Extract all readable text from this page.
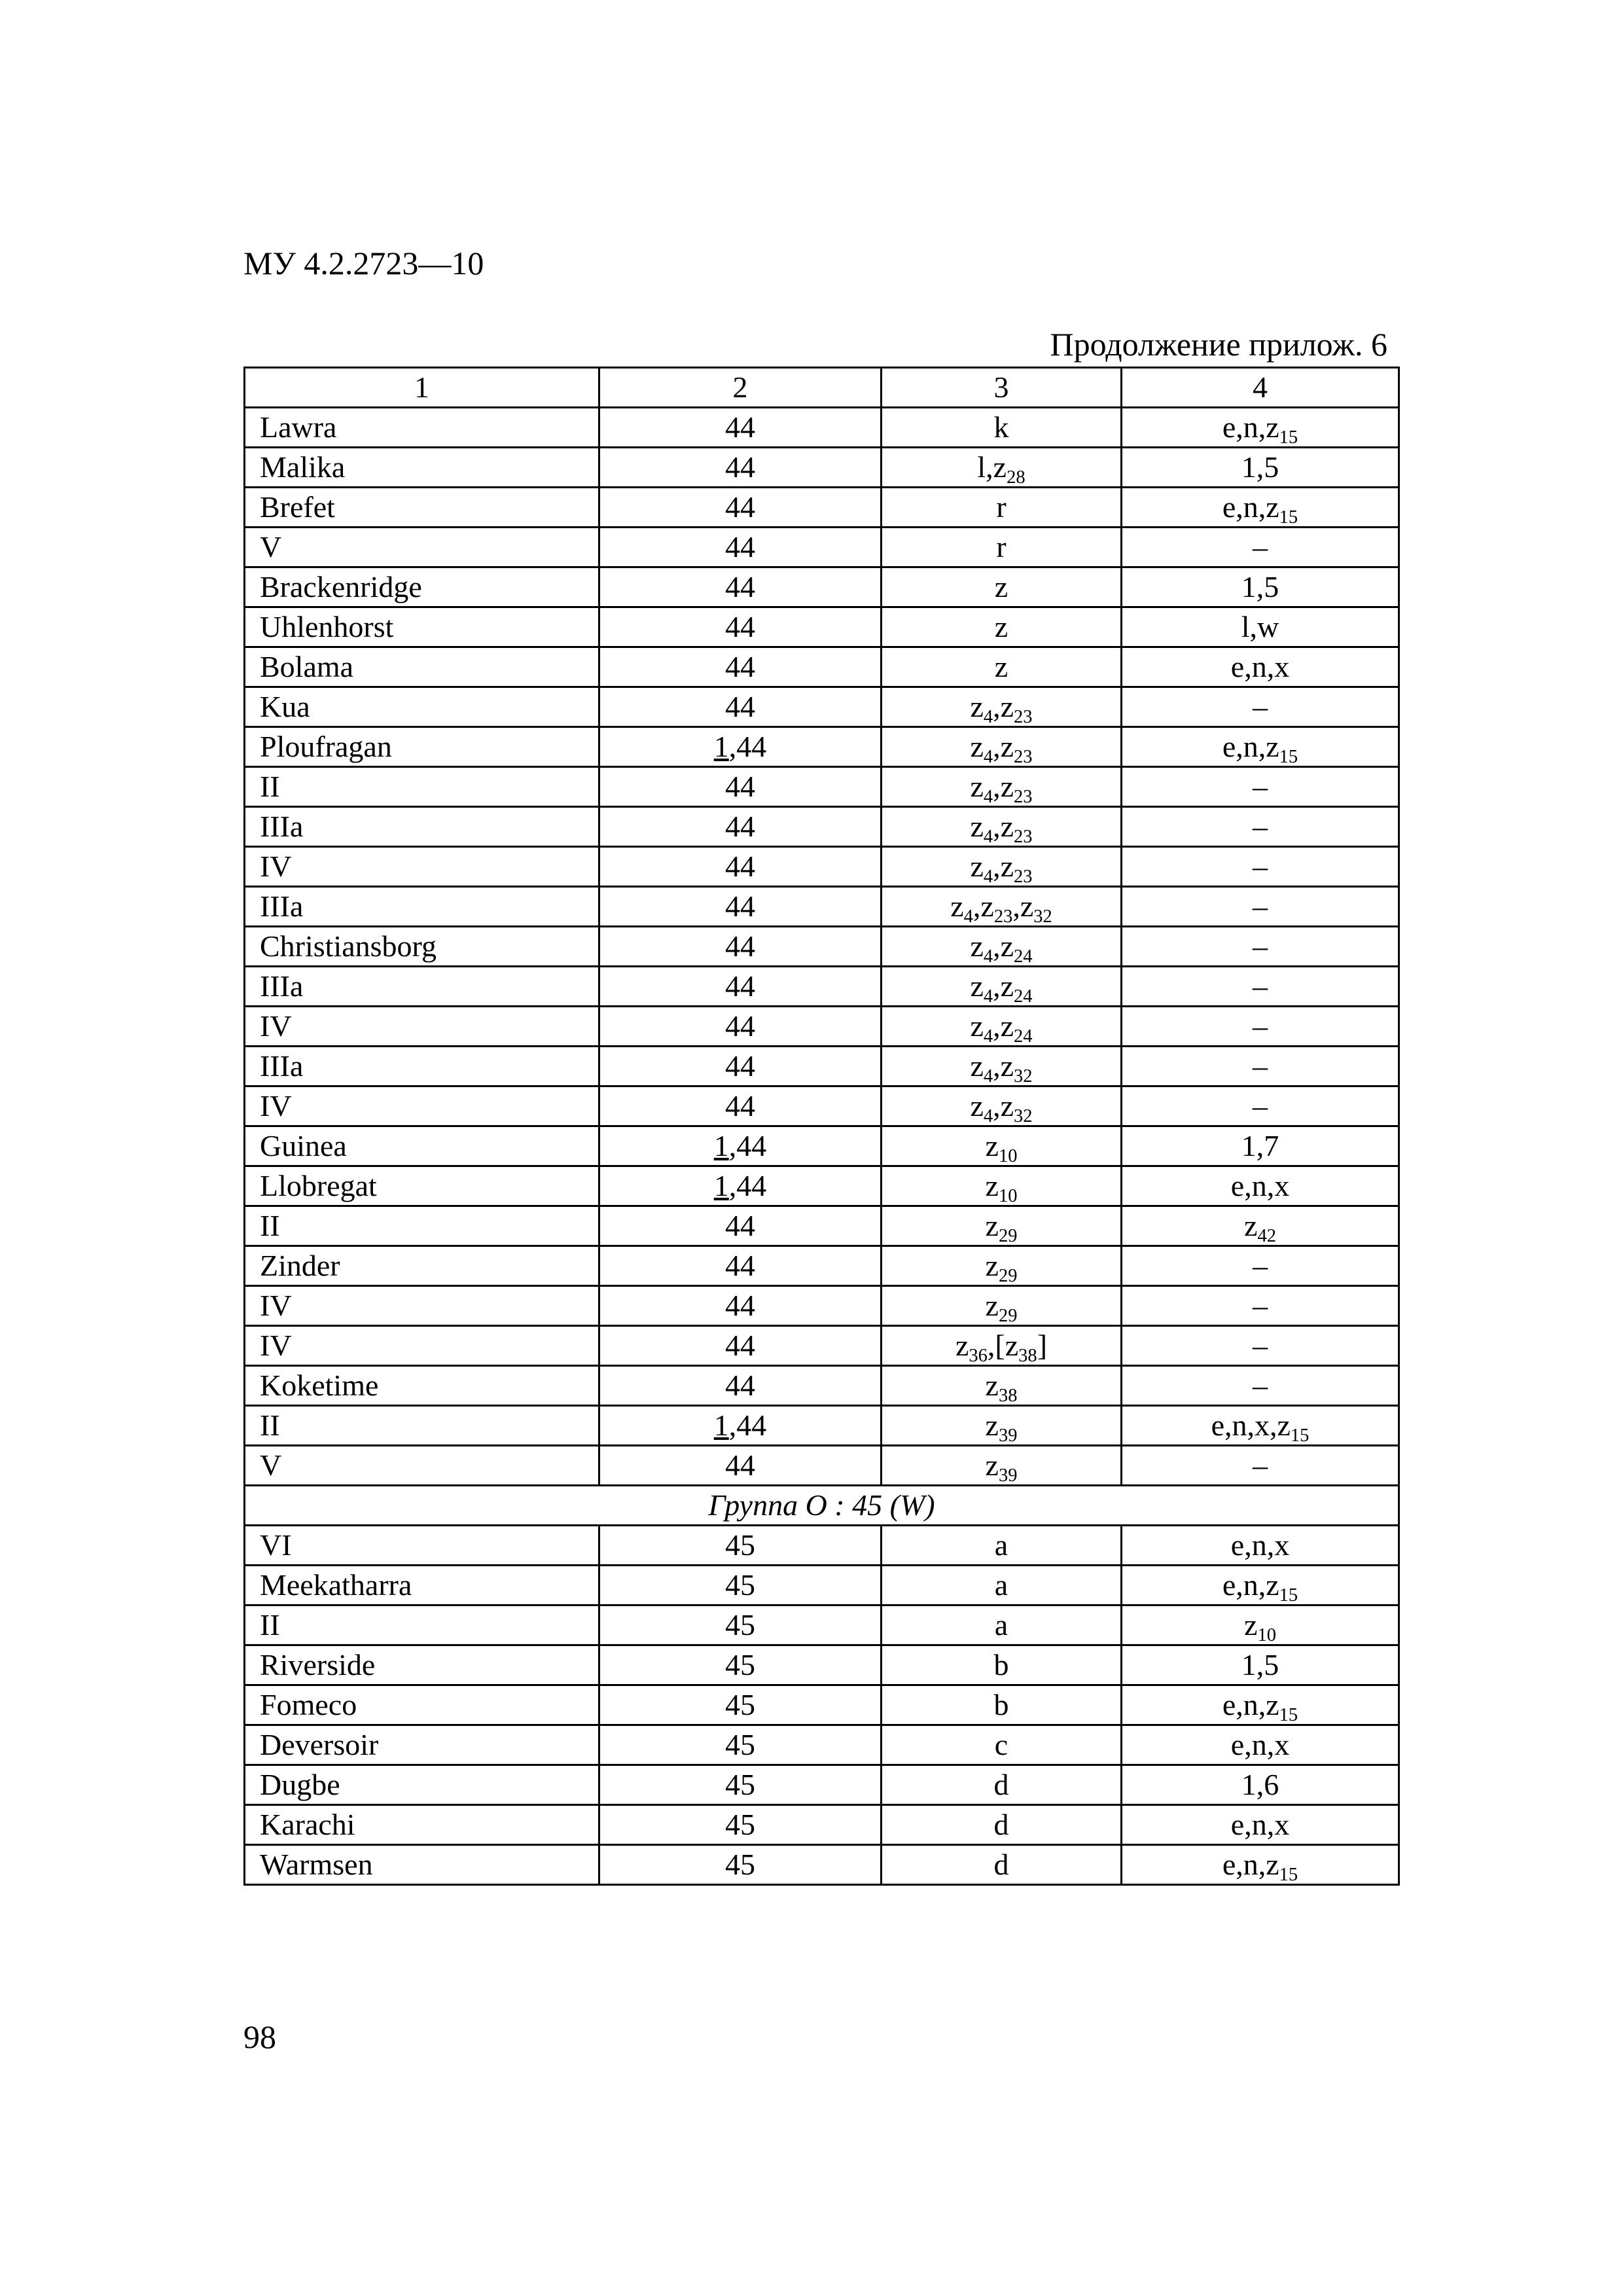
МУ 4.2.2723—10
Продолжение прилож. 6
1	2	3	4
Lawra	44	k	$e,n,z_{15}$
Malika	44	$l,z_{28}$	1,5
Brefet	44	r	$e,n,z_{15}$
V	44	r	–
Brackenridge	44	z	1,5
Uhlenhorst	44	z	l,w
Bolama	44	z	e,n,x
Kua	44	$z_4,z_{23}$	–
Ploufragan	1,44	$z_4,z_{23}$	$e,n,z_{15}$
II	44	$z_4,z_{23}$	–
IIIa	44	$z_4,z_{23}$	–
IV	44	$z_4,z_{23}$	–
IIIa	44	$z_4,z_{23},z_{32}$	–
Christiansborg	44	$z_4,z_{24}$	–
IIIa	44	$z_4,z_{24}$	–
IV	44	$z_4,z_{24}$	–
IIIa	44	$z_4,z_{32}$	–
IV	44	$z_4,z_{32}$	–
Guinea	1,44	$z_{10}$	1,7
Llobregat	1,44	$z_{10}$	e,n,x
II	44	$z_{29}$	$z_{42}$
Zinder	44	$z_{29}$	–
IV	44	$z_{29}$	–
IV	44	$z_{36},[z_{38}]$	–
Koketime	44	$z_{38}$	–
II	1,44	$z_{39}$	$e,n,x,z_{15}$
V	44	$z_{39}$	–
Группа О : 45 (W)			
VI	45	a	e,n,x
Meekatharra	45	a	$e,n,z_{15}$
II	45	a	$z_{10}$
Riverside	45	b	1,5
Fomeco	45	b	$e,n,z_{15}$
Deversoir	45	c	e,n,x
Dugbe	45	d	1,6
Karachi	45	d	e,n,x
Warmsen	45	d	$e,n,z_{15}$
98
